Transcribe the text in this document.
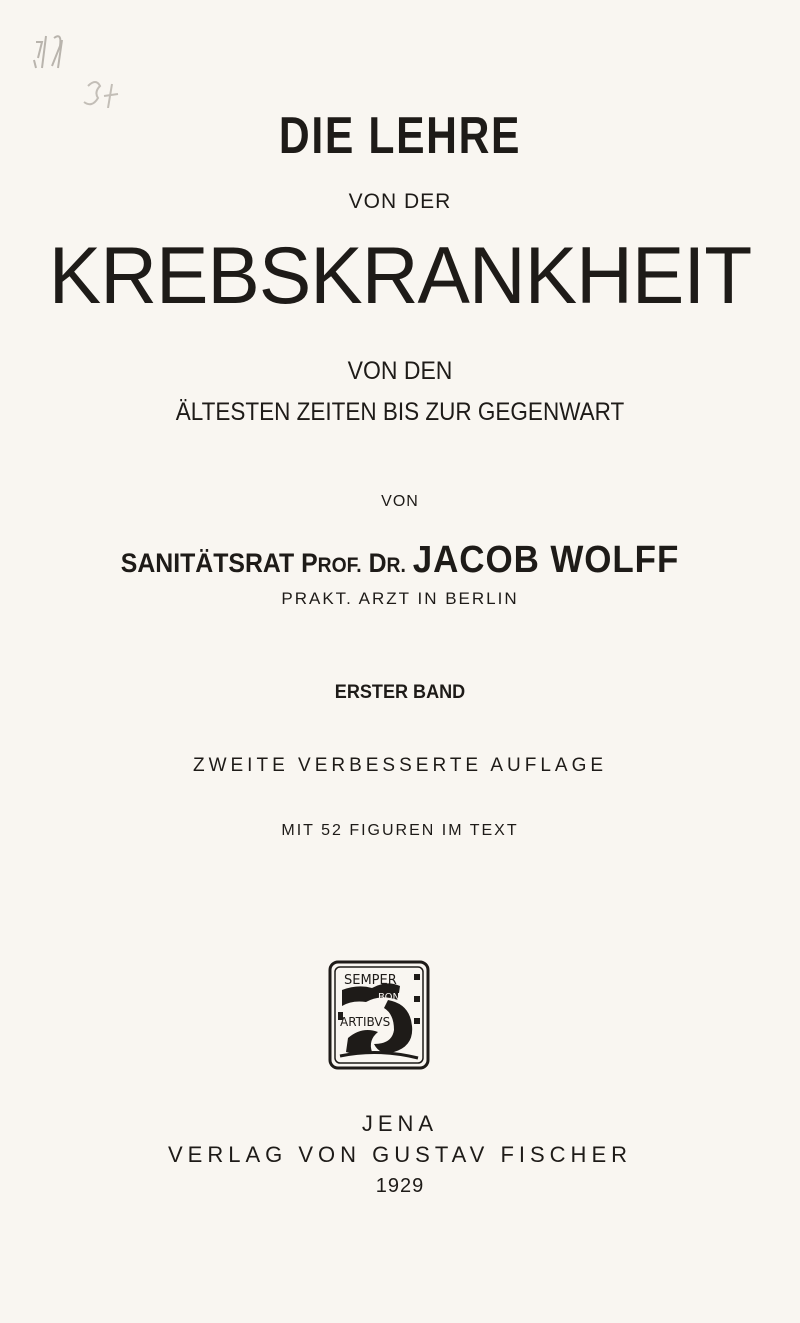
DIE LEHRE
VON DER
KREBSKRANKHEIT
VON DEN
ÄLTESTEN ZEITEN BIS ZUR GEGENWART
VON
SANITÄTSRAT PROF. DR. JACOB WOLFF
PRAKT. ARZT IN BERLIN
ERSTER BAND
ZWEITE VERBESSERTE AUFLAGE
MIT 52 FIGUREN IM TEXT
SEMPER
BONIS
ARTIBVS
JENA
VERLAG VON GUSTAV FISCHER
1929
